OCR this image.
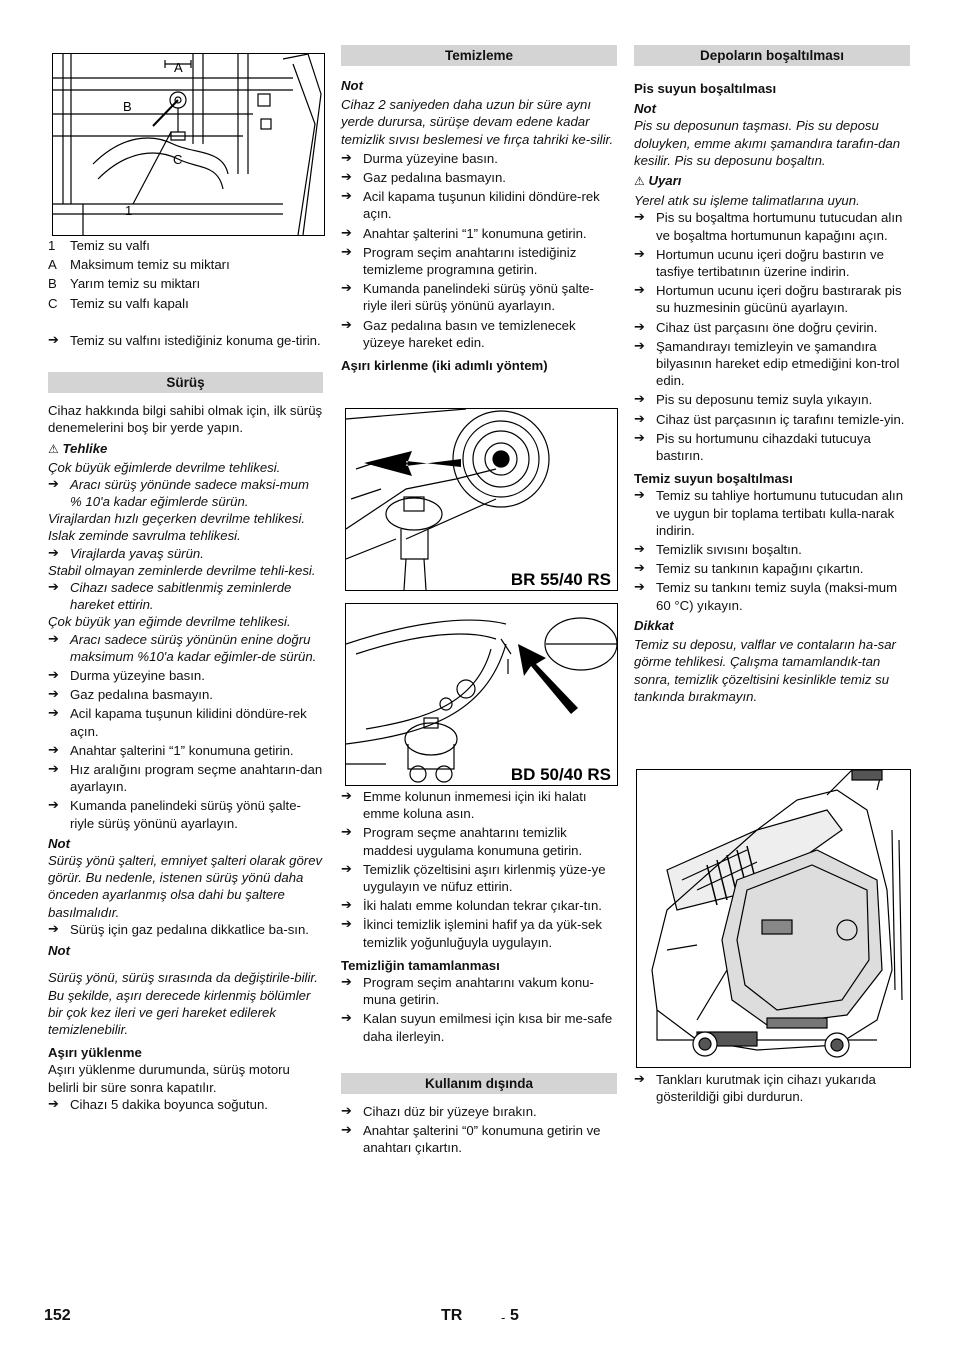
A
B
C
1
1 Temiz su valfı
A Maksimum temiz su miktarı
B Yarım temiz su miktarı
C Temiz su valfı kapalı
➔ Temiz su valfını istediğiniz konuma ge-tirin.
Sürüş

Cihaz hakkında bilgi sahibi olmak için, ilk sürüş denemelerini boş bir yerde yapın.

⚠ Tehlike

Çok büyük eğimlerde devrilme tehlikesi.

➔ Aracı sürüş yönünde sadece maksi-mum % 10'a kadar eğimlerde sürün.

Virajlardan hızlı geçerken devrilme tehlikesi. Islak zeminde savrulma tehlikesi.

➔ Virajlarda yavaş sürün.

Stabil olmayan zeminlerde devrilme tehli-kesi.

➔ Cihazı sadece sabitlenmiş zeminlerde hareket ettirin.

Çok büyük yan eğimde devrilme tehlikesi.

➔ Aracı sadece sürüş yönünün enine doğru maksimum %10'a kadar eğimler-de sürün.
➔ Durma yüzeyine basın.
➔ Gaz pedalına basmayın.
➔ Acil kapama tuşunun kilidini döndüre-rek açın.
➔ Anahtar şalterini “1” konumuna getirin.
➔ Hız aralığını program seçme anahtarın-dan ayarlayın.
➔ Kumanda panelindeki sürüş yönü şalte-riyle sürüş yönünü ayarlayın.
Not

Sürüş yönü şalteri, emniyet şalteri olarak görev görür. Bu nedenle, istenen sürüş yönü daha önceden ayarlanmış olsa dahi bu şaltere basılmalıdır.

➔ Sürüş için gaz pedalına dikkatlice ba-sın.
Not

Sürüş yönü, sürüş sırasında da değiştirile-bilir. Bu şekilde, aşırı derecede kirlenmiş bölümler bir çok kez ileri ve geri hareket edilerek temizlenebilir.

Aşırı yüklenme

Aşırı yüklenme durumunda, sürüş motoru belirli bir süre sonra kapatılır.

➔ Cihazı 5 dakika boyunca soğutun.
Temizleme
Not

Cihaz 2 saniyeden daha uzun bir süre aynı yerde durursa, sürüşe devam edene kadar temizlik sıvısı beslemesi ve fırça tahriki ke-silir.

➔ Durma yüzeyine basın.
➔ Gaz pedalına basmayın.
➔ Acil kapama tuşunun kilidini döndüre-rek açın.
➔ Anahtar şalterini “1” konumuna getirin.
➔ Program seçim anahtarını istediğiniz temizleme programına getirin.
➔ Kumanda panelindeki sürüş yönü şalte-riyle ileri sürüş yönünü ayarlayın.
➔ Gaz pedalına basın ve temizlenecek yüzeye hareket edin.
Aşırı kirlenme (iki adımlı yöntem)
BR 55/40 RS
BD 50/40 RS
➔ Emme kolunun inmemesi için iki halatı emme koluna asın.
➔ Program seçme anahtarını temizlik maddesi uygulama konumuna getirin.
➔ Temizlik çözeltisini aşırı kirlenmiş yüze-ye uygulayın ve nüfuz ettirin.
➔ İki halatı emme kolundan tekrar çıkar-tın.
➔ İkinci temizlik işlemini hafif ya da yük-sek temizlik yoğunluğuyla uygulayın.
Temizliğin tamamlanması
➔ Program seçim anahtarını vakum konu-muna getirin.
➔ Kalan suyun emilmesi için kısa bir me-safe daha ilerleyin.
Kullanım dışında
➔ Cihazı düz bir yüzeye bırakın.
➔ Anahtar şalterini “0” konumuna getirin ve anahtarı çıkartın.
Depoların boşaltılması
Pis suyun boşaltılması
Not

Pis su deposunun taşması. Pis su deposu doluyken, emme akımı şamandıra tarafın-dan kesilir. Pis su deposunu boşaltın.

⚠ Uyarı

Yerel atık su işleme talimatlarına uyun.

➔ Pis su boşaltma hortumunu tutucudan alın ve boşaltma hortumunun kapağını açın.
➔ Hortumun ucunu içeri doğru bastırın ve tasfiye tertibatının üzerine indirin.
➔ Hortumun ucunu içeri doğru bastırarak pis su huzmesinin gücünü ayarlayın.
➔ Cihaz üst parçasını öne doğru çevirin.
➔ Şamandırayı temizleyin ve şamandıra bilyasının hareket edip etmediğini kon-trol edin.
➔ Pis su deposunu temiz suyla yıkayın.
➔ Cihaz üst parçasının iç tarafını temizle-yin.
➔ Pis su hortumunu cihazdaki tutucuya bastırın.
Temiz suyun boşaltılması
➔ Temiz su tahliye hortumunu tutucudan alın ve uygun bir toplama tertibatı kulla-narak indirin.
➔ Temizlik sıvısını boşaltın.
➔ Temiz su tankının kapağını çıkartın.
➔ Temiz su tankını temiz suyla (maksi-mum 60 °C) yıkayın.
Dikkat

Temiz su deposu, valflar ve contaların ha-sar görme tehlikesi. Çalışma tamamlandık-tan sonra, temizlik çözeltisini kesinlikle temiz su tankında bırakmayın.

➔ Tankları kurutmak için cihazı yukarıda gösterildiği gibi durdurun.
152	TR	- 5
